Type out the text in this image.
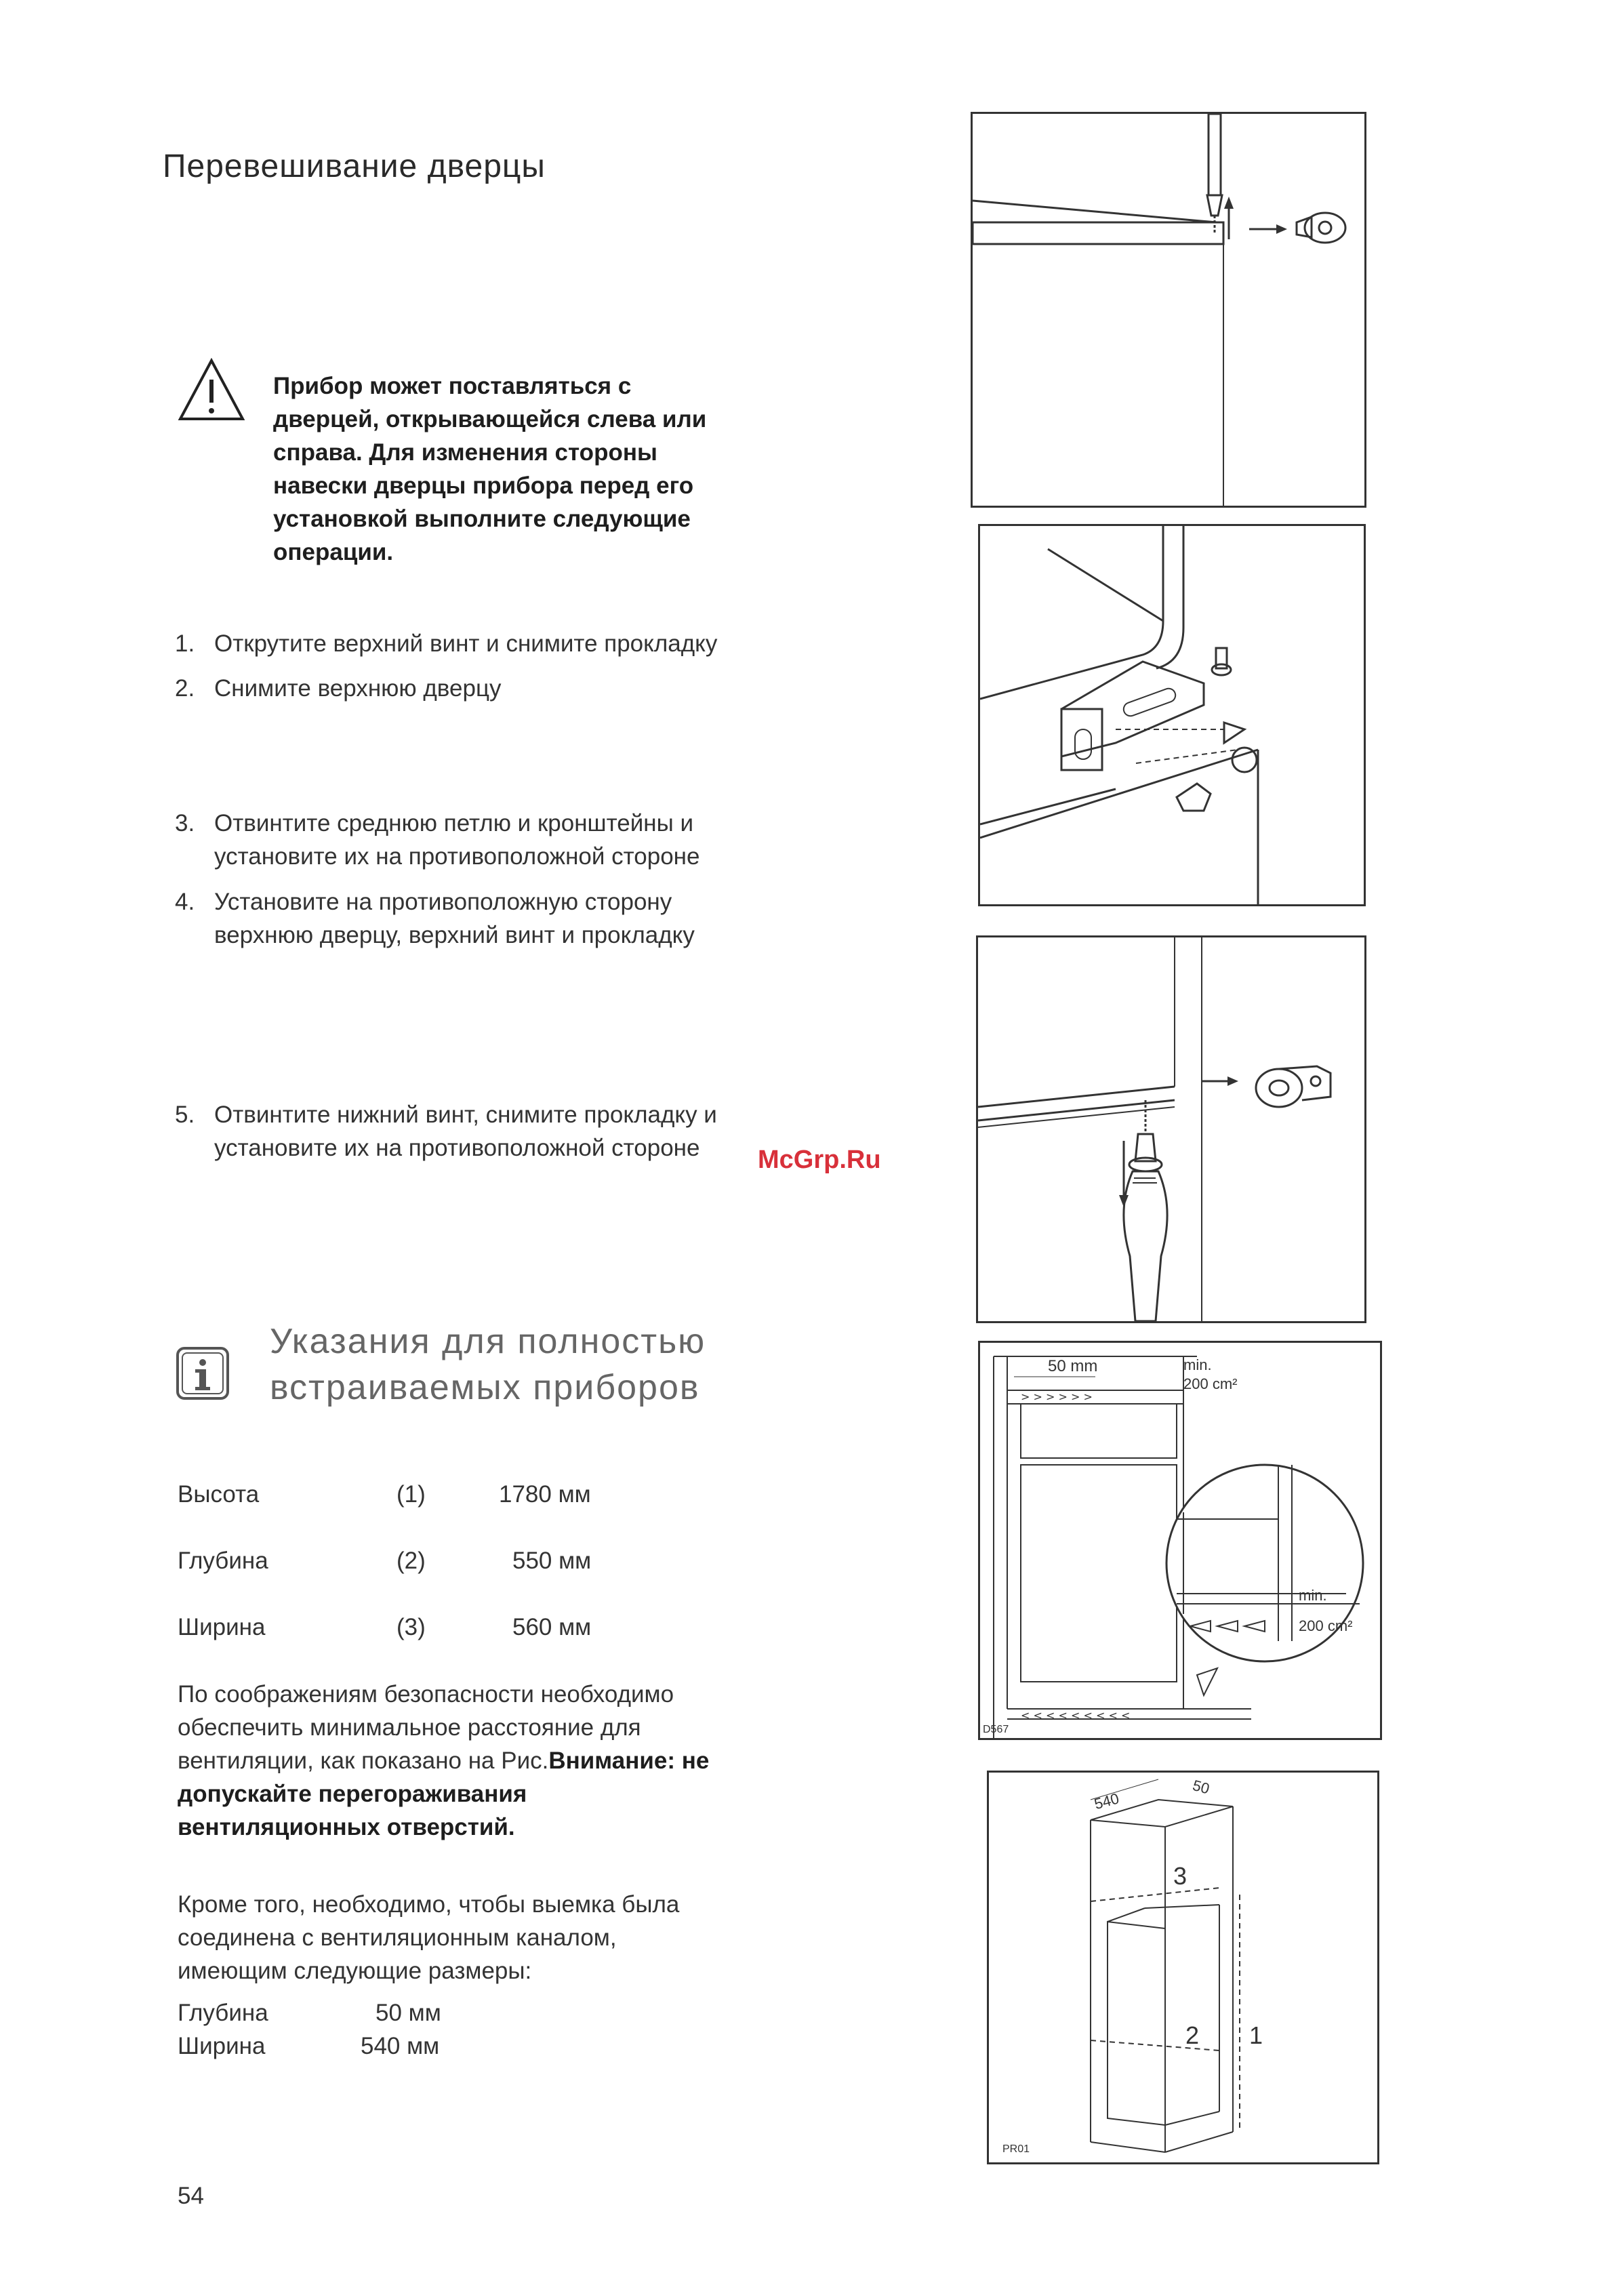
Перевешивание дверцы
Прибор может поставляться с
дверцей, открывающейся слева или
справа. Для изменения стороны
навески дверцы прибора перед его
установкой выполните следующие
операции.
1. Открутите верхний винт и снимите прокладку
2. Снимите верхнюю дверцу
3. Отвинтите среднюю петлю и кронштейны и
установите их на противоположной стороне
4. Установите на противоположную сторону
верхнюю дверцу, верхний винт и прокладку
5. Отвинтите нижний винт, снимите прокладку и
установите их на противоположной стороне	McGrp.Ru
Указания для полностью
встраиваемых приборов
Высота	(1)	1780 мм
Глубина	(2)	550 мм
Ширина	(3)	560 мм
По соображениям безопасности необходимо
обеспечить минимальное расстояние для
вентиляции, как показано на Рис.Внимание: не
допускайте перегораживания
вентиляционных отверстий.
Кроме того, необходимо, чтобы выемка была
соединена с вентиляционным каналом,
имеющим следующие размеры:
Глубина	50 мм
Ширина	540 мм
54
50 mm	min.
200 cm²
> > > > > >
< < < < < < < < <
min.
200 cm²
D567
540
50
3
2 1
PR01
